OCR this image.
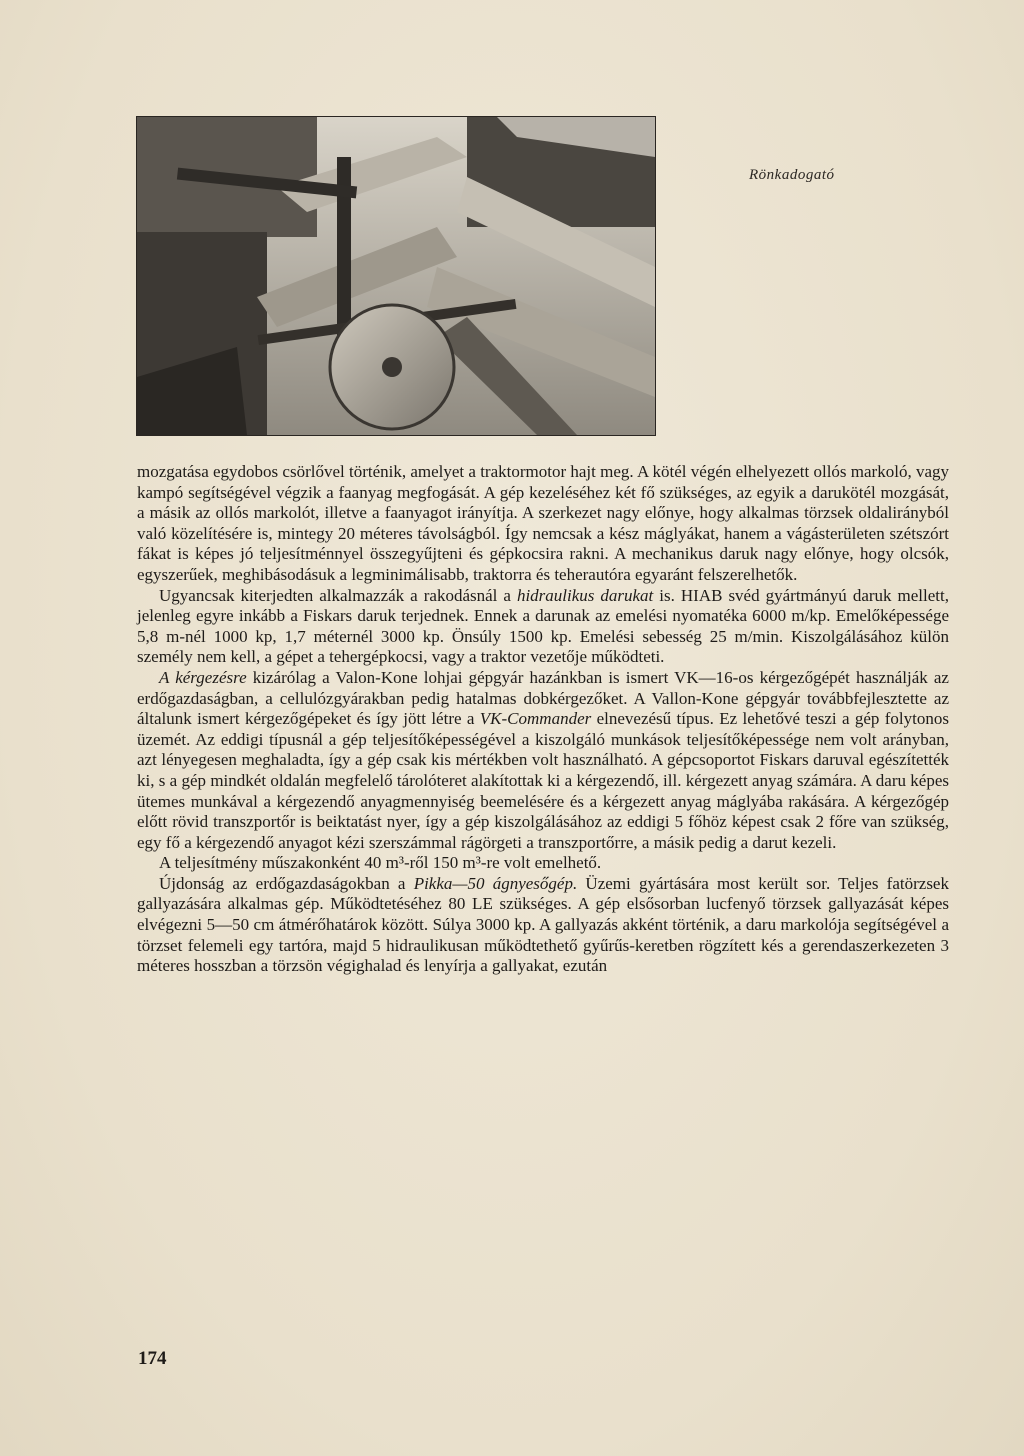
Rönkadogató

mozgatása egydobos csörlővel történik, amelyet a traktormotor hajt meg. A kötél végén elhelyezett ollós markoló, vagy kampó segítségével végzik a faanyag megfogását. A gép kezeléséhez két fő szükséges, az egyik a darukötél mozgását, a másik az ollós markolót, illetve a faanyagot irányítja. A szerkezet nagy előnye, hogy alkalmas törzsek oldalirányból való közelítésére is, mintegy 20 méteres távolságból. Így nemcsak a kész máglyákat, hanem a vágásterületen szétszórt fákat is képes jó teljesítménnyel összegyűjteni és gépkocsira rakni. A mechanikus daruk nagy előnye, hogy olcsók, egyszerűek, meghibásodásuk a legminimálisabb, traktorra és teherautóra egyaránt felszerelhetők.

Ugyancsak kiterjedten alkalmazzák a rakodásnál a hidraulikus darukat is. HIAB svéd gyártmányú daruk mellett, jelenleg egyre inkább a Fiskars daruk terjednek. Ennek a darunak az emelési nyomatéka 6000 m/kp. Emelőképessége 5,8 m-nél 1000 kp, 1,7 méternél 3000 kp. Önsúly 1500 kp. Emelési sebesség 25 m/min. Kiszolgálásához külön személy nem kell, a gépet a tehergépkocsi, vagy a traktor vezetője működteti.

A kérgezésre kizárólag a Valon-Kone lohjai gépgyár hazánkban is ismert VK—16-os kérgezőgépét használják az erdőgazdaságban, a cellulózgyárakban pedig hatalmas dobkérgezőket. A Vallon-Kone gépgyár továbbfejlesztette az általunk ismert kérgezőgépeket és így jött létre a VK-Commander elnevezésű típus. Ez lehetővé teszi a gép folytonos üzemét. Az eddigi típusnál a gép teljesítőképességével a kiszolgáló munkások teljesítőképessége nem volt arányban, azt lényegesen meghaladta, így a gép csak kis mértékben volt használható. A gépcsoportot Fiskars daruval egészítették ki, s a gép mindkét oldalán megfelelő tárolóteret alakítottak ki a kérgezendő, ill. kérgezett anyag számára. A daru képes ütemes munkával a kérgezendő anyagmennyiség beemelésére és a kérgezett anyag máglyába rakására. A kérgezőgép előtt rövid transzportőr is beiktatást nyer, így a gép kiszolgálásához az eddigi 5 főhöz képest csak 2 főre van szükség, egy fő a kérgezendő anyagot kézi szerszámmal rágörgeti a transzportőrre, a másik pedig a darut kezeli.

A teljesítmény műszakonként 40 m³-ről 150 m³-re volt emelhető.

Újdonság az erdőgazdaságokban a Pikka—50 ágnyesőgép. Üzemi gyártására most került sor. Teljes fatörzsek gallyazására alkalmas gép. Működtetéséhez 80 LE szükséges. A gép elsősorban lucfenyő törzsek gallyazását képes elvégezni 5—50 cm átmérőhatárok között. Súlya 3000 kp. A gallyazás akként történik, a daru markolója segítségével a törzset felemeli egy tartóra, majd 5 hidraulikusan működtethető gyűrűs-keretben rögzített kés a gerendaszerkezeten 3 méteres hosszban a törzsön végighalad és lenyírja a gallyakat, ezután

174
